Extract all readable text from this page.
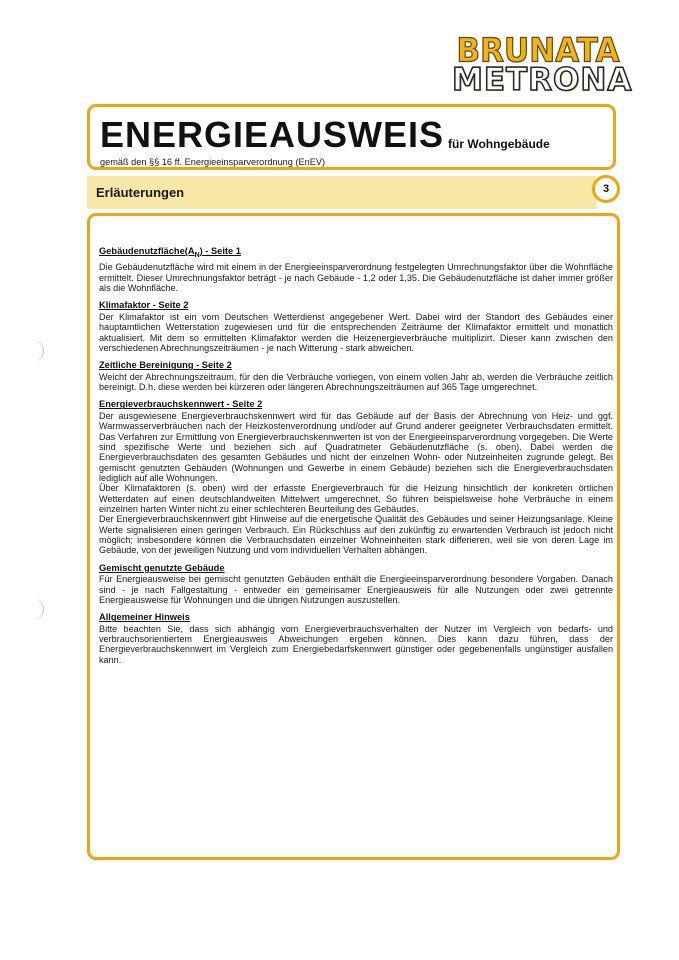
BRUNATA
METRONA
ENERGIEAUSWEIS für Wohngebäude
gemäß den §§ 16 ff. Energieeinsparverordnung (EnEV)
Erläuterungen	3
$Gebäudenutzfläche(A_N)$ - Seite 1

Die Gebäudenutzfläche wird mit einem in der Energieeinsparverordnung festgelegten Umrechnungsfaktor über die Wohnfläche ermittelt. Dieser Umrechnungsfaktor beträgt - je nach Gebäude - 1,2 oder 1,35. Die Gebäudenutzfläche ist daher immer größer als die Wohnfläche.

Klimafaktor - Seite 2

Der Klimafaktor ist ein vom Deutschen Wetterdienst angegebener Wert. Dabei wird der Standort des Gebäudes einer hauptamtlichen Wetterstation zugewiesen und für die entsprechenden Zeiträume der Klimafaktor ermittelt und monatlich aktualisiert. Mit dem so ermittelten Klimafaktor werden die Heizenergieverbräuche multiplizirt. Dieser kann zwischen den verschiedenen Abrechnungszeiträumen - je nach Witterung - stark abweichen.

Zeitliche Bereinigung - Seite 2

Weicht der Abrechnungszeitraum, für den die Verbräuche vorliegen, von einem vollen Jahr ab, werden die Verbräuche zeitlich bereinigt. D.h. diese werden bei kürzeren oder längeren Abrechnungszeiträumen auf 365 Tage umgerechnet.

Energieverbrauchskennwert - Seite 2

Der ausgewiesene Energieverbrauchskennwert wird für das Gebäude auf der Basis der Abrechnung von Heiz- und ggf. Warmwasserverbräuchen nach der Heizkostenverordnung und/oder auf Grund anderer geeigneter Verbrauchsdaten ermittelt. Das Verfahren zur Ermittlung von Energieverbrauchskennwerten ist von der Energieeinsparverordnung vorgegeben. Die Werte sind spezifische Werte und beziehen sich auf Quadratmeter Gebäudenutzfläche (s. oben). Dabei werden die Energieverbrauchsdaten des gesamten Gebäudes und nicht der einzelnen Wohn- oder Nutzeinheiten zugrunde gelegt. Bei gemischt genutzten Gebäuden (Wohnungen und Gewerbe in einem Gebäude) beziehen sich die Energieverbrauchsdaten lediglich auf alle Wohnungen.

Über Klimafaktoren (s. oben) wird der erfasste Energieverbrauch für die Heizung hinsichtlich der konkreten örtlichen Wetterdaten auf einen deutschlandweiten Mittelwert umgerechnet. So führen beispielsweise hohe Verbräuche in einem einzelnen harten Winter nicht zu einer schlechteren Beurteilung des Gebäudes.

Der Energieverbrauchskennwert gibt Hinweise auf die energetische Qualität des Gebäudes und seiner Heizungsanlage. Kleine Werte signalisieren einen geringen Verbrauch. Ein Rückschluss auf den zukünftig zu erwartenden Verbrauch ist jedoch nicht möglich; insbesondere können die Verbrauchsdaten einzelner Wohneinheiten stark differieren, weil sie von deren Lage im Gebäude, von der jeweiligen Nutzung und vom individuellen Verhalten abhängen.

Gemischt genutzte Gebäude

Für Energieausweise bei gemischt genutzten Gebäuden enthält die Energieeinsparverordnung besondere Vorgaben. Danach sind - je nach Fallgestaltung - entweder ein gemeinsamer Energieausweis für alle Nutzungen oder zwei getrennte Energieausweise für Wohnungen und die übrigen Nutzungen auszustellen.

Allgemeiner Hinweis

Bitte beachten Sie, dass sich abhängig vom Energieverbrauchsverhalten der Nutzer im Vergleich von bedarfs- und verbrauchsorientiertem Energieausweis Abweichungen ergeben können. Dies kann dazu führen, dass der Energieverbrauchskennwert im Vergleich zum Energiebedarfskennwert günstiger oder gegebenenfalls ungünstiger ausfallen kann.
